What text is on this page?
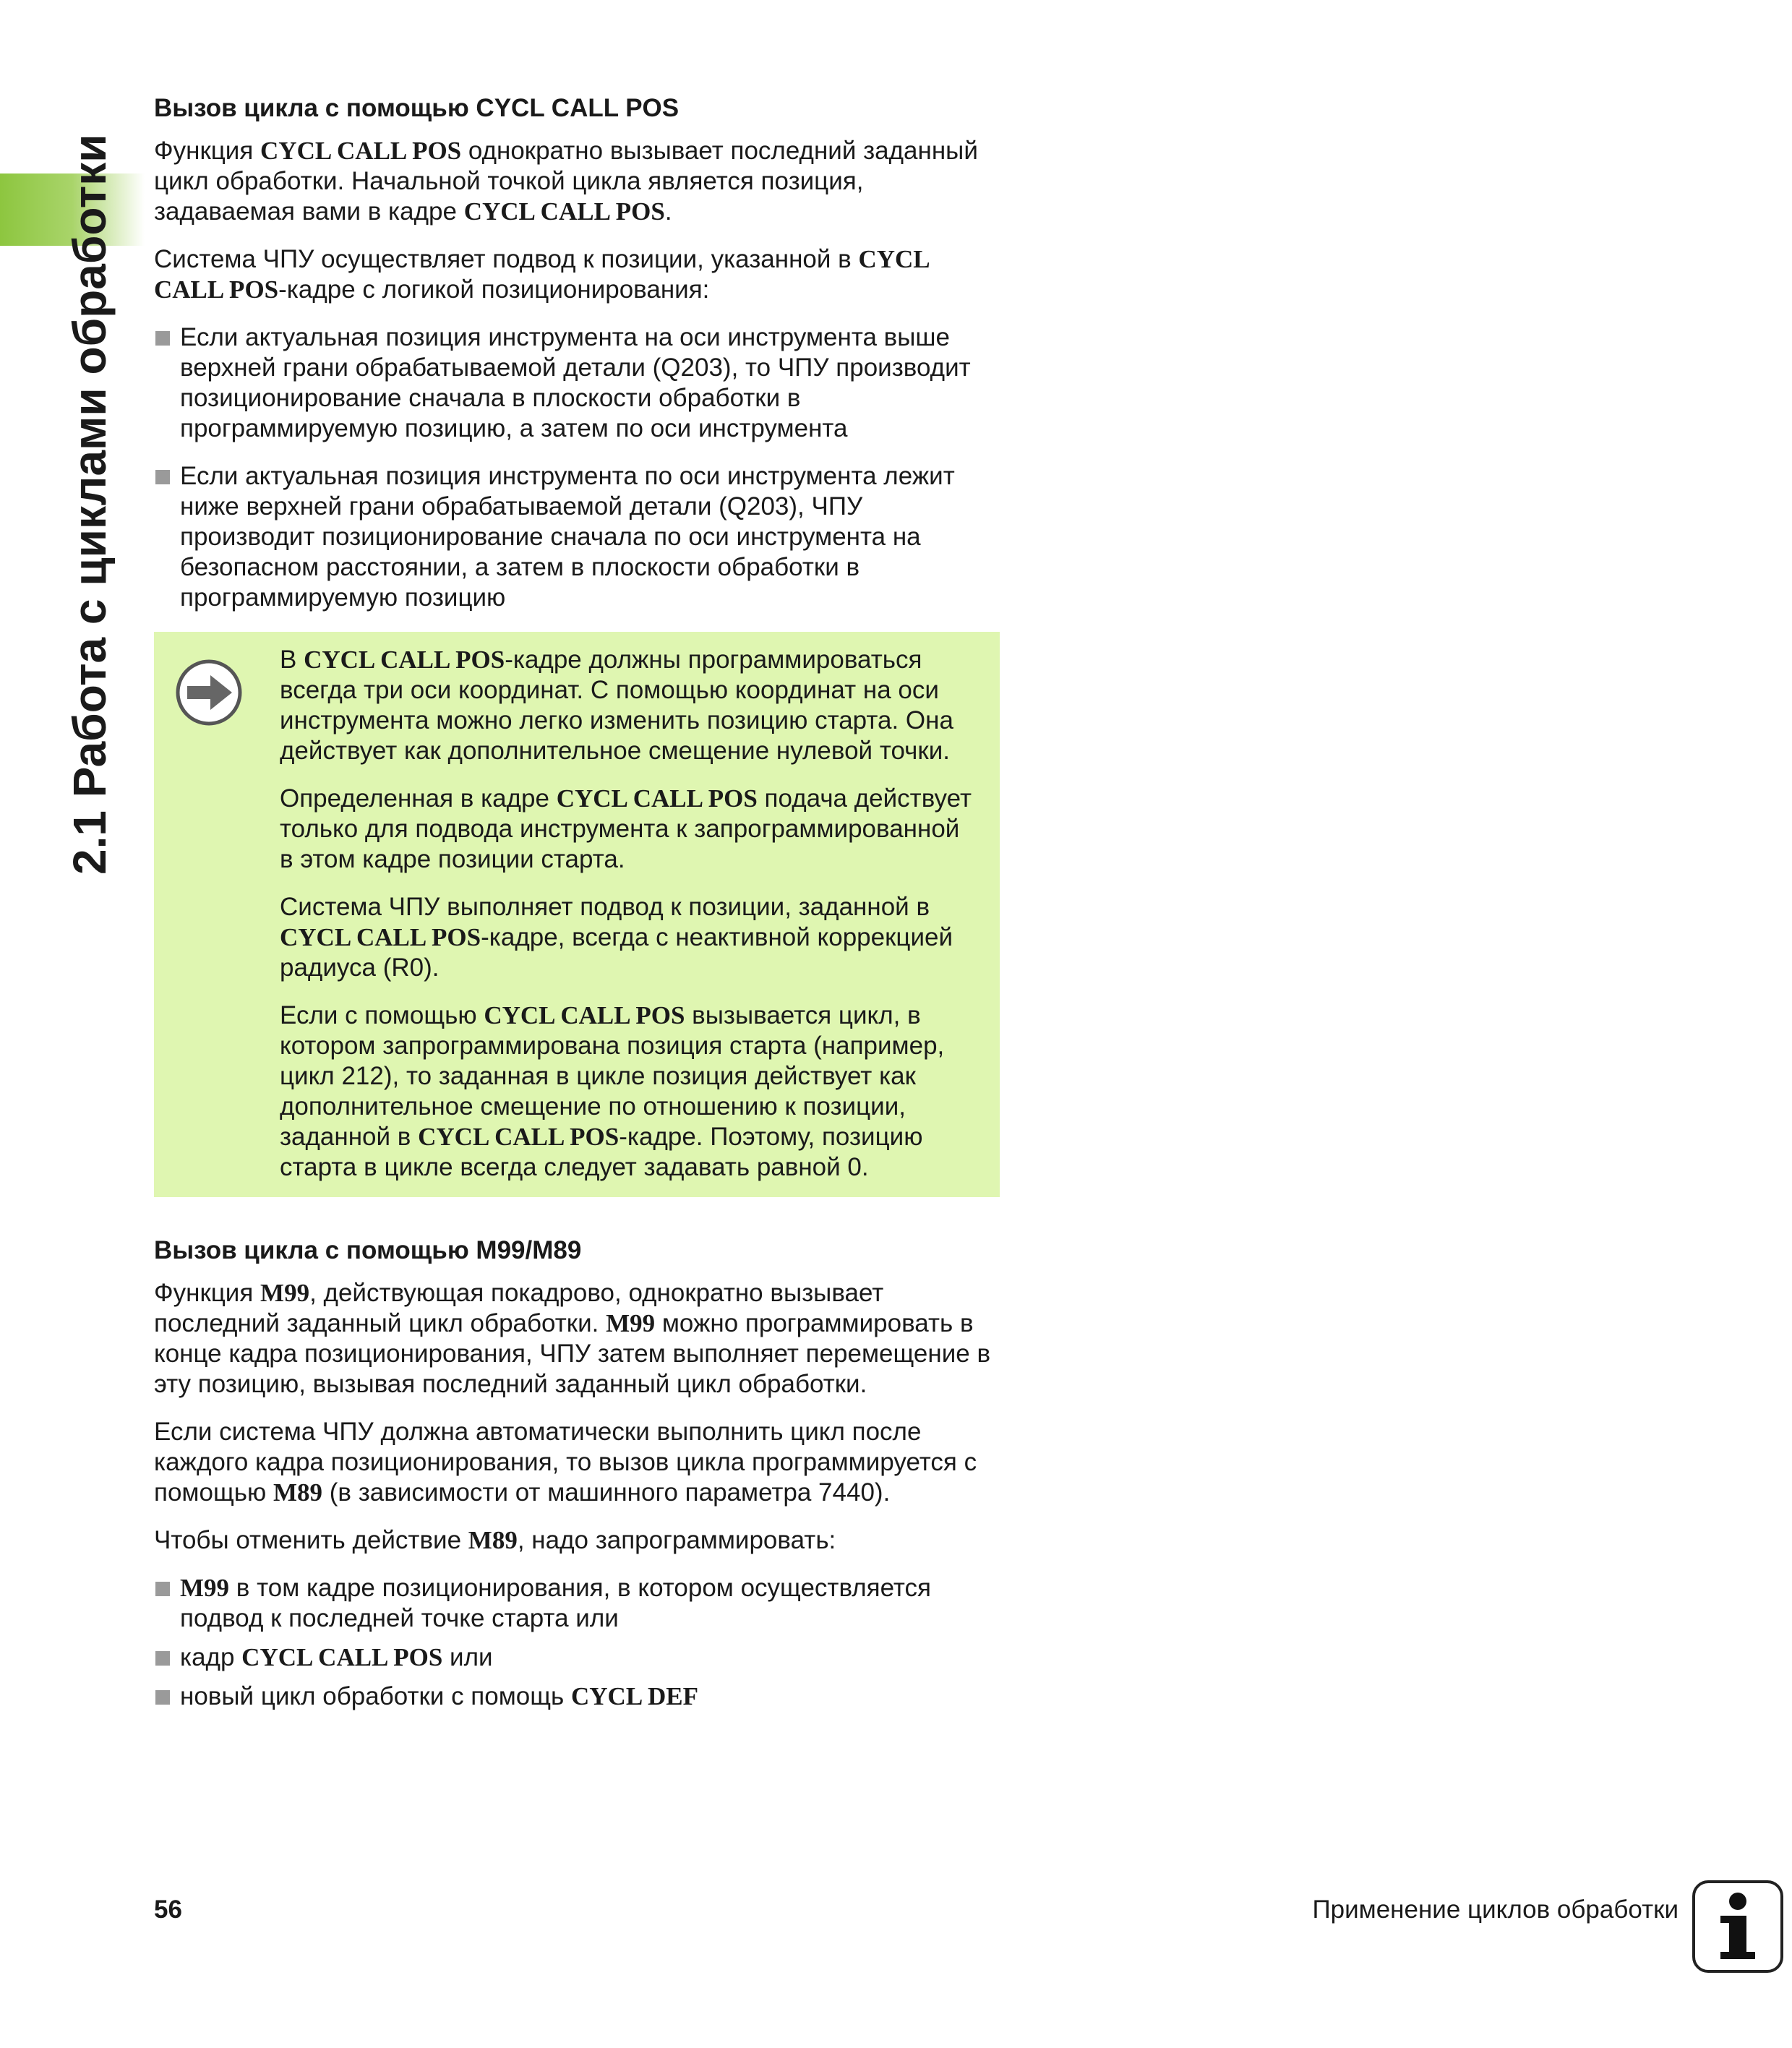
2.1 Работа с циклами обработки
Вызов цикла с помощью CYCL CALL POS

Функция CYCL CALL POS однократно вызывает последний заданный цикл обработки. Начальной точкой цикла является позиция, задаваемая вами в кадре CYCL CALL POS.

Система ЧПУ осуществляет подвод к позиции, указанной в CYCL CALL POS-кадре с логикой позиционирования:

Если актуальная позиция инструмента на оси инструмента выше верхней грани обрабатываемой детали (Q203), то ЧПУ производит позиционирование сначала в плоскости обработки в программируемую позицию, а затем по оси инструмента
Если актуальная позиция инструмента по оси инструмента лежит ниже верхней грани обрабатываемой детали (Q203), ЧПУ производит позиционирование сначала по оси инструмента на безопасном расстоянии, а затем в плоскости обработки в программируемую позицию

В CYCL CALL POS-кадре должны программироваться всегда три оси координат. С помощью координат на оси инструмента можно легко изменить позицию старта. Она действует как дополнительное смещение нулевой точки.

Определенная в кадре CYCL CALL POS подача действует только для подвода инструмента к запрограммированной в этом кадре позиции старта.

Система ЧПУ выполняет подвод к позиции, заданной в CYCL CALL POS-кадре, всегда с неактивной коррекцией радиуса (R0).

Если с помощью CYCL CALL POS вызывается цикл, в котором запрограммирована позиция старта (например, цикл 212), то заданная в цикле позиция действует как дополнительное смещение по отношению к позиции, заданной в CYCL CALL POS-кадре. Поэтому, позицию старта в цикле всегда следует задавать равной 0.

Вызов цикла с помощью M99/M89

Функция M99, действующая покадрово, однократно вызывает последний заданный цикл обработки. M99 можно программировать в конце кадра позиционирования, ЧПУ затем выполняет перемещение в эту позицию, вызывая последний заданный цикл обработки.

Если система ЧПУ должна автоматически выполнить цикл после каждого кадра позиционирования, то вызов цикла программируется с помощью M89 (в зависимости от машинного параметра 7440).

Чтобы отменить действие M89, надо запрограммировать:

M99 в том кадре позиционирования, в котором осуществляется подвод к последней точке старта или
кадр CYCL CALL POS или
новый цикл обработки с помощь CYCL DEF
56	Применение циклов обработки
